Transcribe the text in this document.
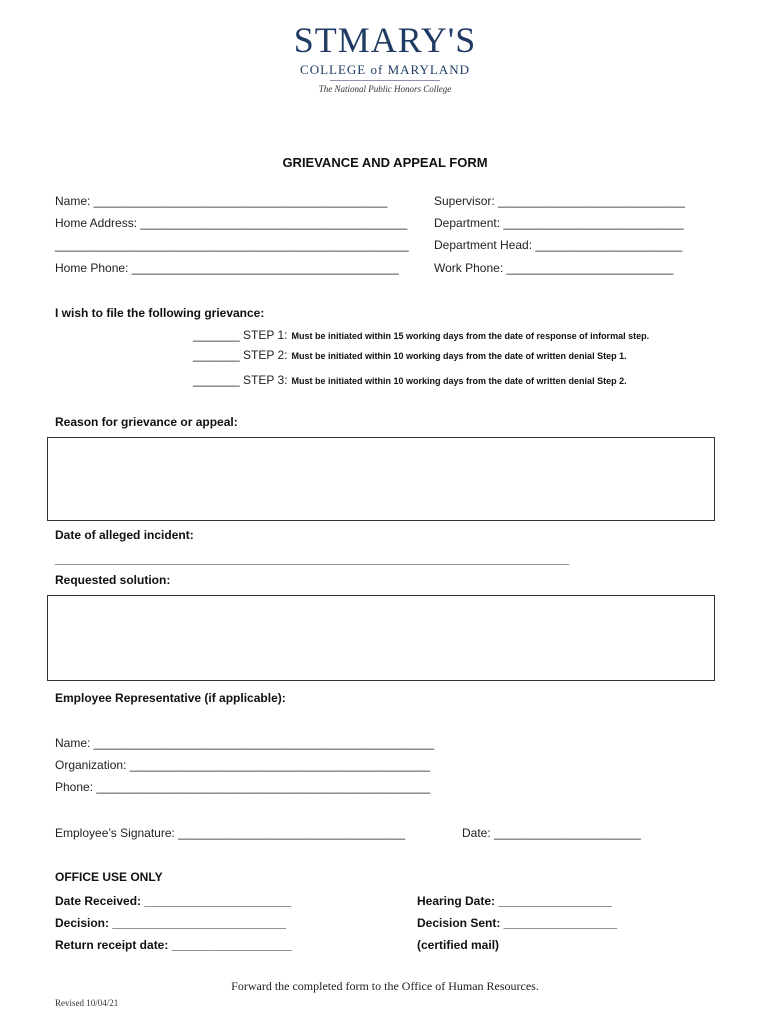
STMARY'S
COLLEGE of MARYLAND
The National Public Honors College
GRIEVANCE AND APPEAL FORM
Name: ____________________________________________	Supervisor: ____________________________
Home Address: ________________________________________ Department: ___________________________
_____________________________________________________ Department Head: ______________________
Home Phone: ________________________________________	Work Phone: _________________________
I wish to file the following grievance:
_______ STEP 1: Must be initiated within 15 working days from the date of response of informal step.
_______ STEP 2: Must be initiated within 10 working days from the date of written denial Step 1.
_______ STEP 3: Must be initiated within 10 working days from the date of written denial Step 2.
Reason for grievance or appeal:
Date of alleged incident:
_____________________________________________________________________________
Requested solution:
Employee Representative (if applicable):
Name: ___________________________________________________
Organization: _____________________________________________
Phone: __________________________________________________
Employee’s Signature: __________________________________	Date: ______________________
OFFICE USE ONLY
Date Received: ______________________	Hearing Date: _________________
Decision: __________________________	Decision Sent: _________________
Return receipt date: __________________	(certified mail)
Forward the completed form to the Office of Human Resources.
Revised 10/04/21
